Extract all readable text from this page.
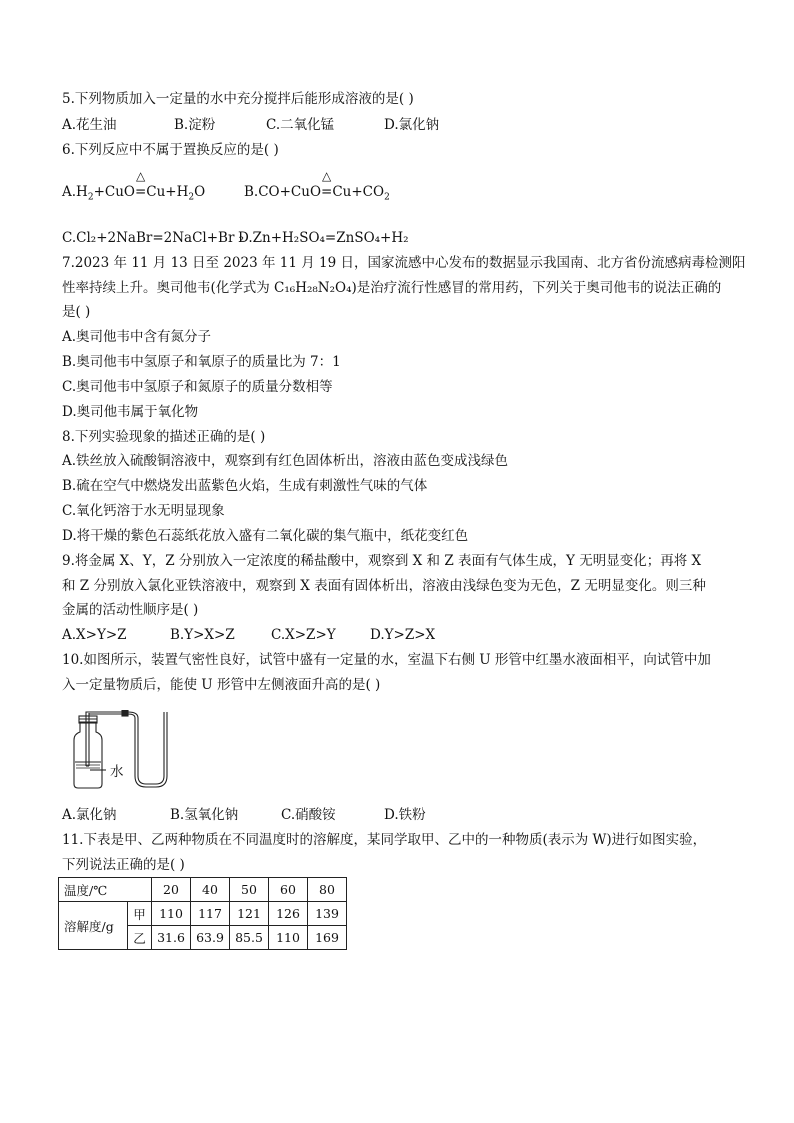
5.下列物质加入一定量的水中充分搅拌后能形成溶液的是( )
A.花生油	B.淀粉	C.二氧化锰	D.氯化钠
6.下列反应中不属于置换反应的是( )
$A.H_2+CuO$
△
$=Cu+H_2O$	B.CO+CuO
△
$=Cu+CO_2$
C.Cl₂+2NaBr=2NaCl+Br ₂
D.Zn+H₂SO₄=ZnSO₄+H₂
7.2023 年 11 月 13 日至 2023 年 11 月 19 日，国家流感中心发布的数据显示我国南、北方省份流感病毒检测阳
性率持续上升。奥司他韦(化学式为 C₁₆H₂₈N₂O₄)是治疗流行性感冒的常用药，下列关于奥司他韦的说法正确的
是( )
A.奥司他韦中含有氮分子
B.奥司他韦中氢原子和氧原子的质量比为 7：1
C.奥司他韦中氢原子和氮原子的质量分数相等
D.奥司他韦属于氧化物
8.下列实验现象的描述正确的是( )
A.铁丝放入硫酸铜溶液中，观察到有红色固体析出，溶液由蓝色变成浅绿色
B.硫在空气中燃烧发出蓝紫色火焰，生成有刺激性气味的气体
C.氧化钙溶于水无明显现象
D.将干燥的紫色石蕊纸花放入盛有二氧化碳的集气瓶中，纸花变红色
9.将金属 X、Y，Z 分别放入一定浓度的稀盐酸中，观察到 X 和 Z 表面有气体生成，Y 无明显变化；再将 X
和 Z 分别放入氯化亚铁溶液中，观察到 X 表面有固体析出，溶液由浅绿色变为无色，Z 无明显变化。则三种
金属的活动性顺序是( )
A.X>Y>Z	B.Y>X>Z	C.X>Z>Y	D.Y>Z>X
10.如图所示，装置气密性良好，试管中盛有一定量的水，室温下右侧 U 形管中红墨水液面相平，向试管中加
入一定量物质后，能使 U 形管中左侧液面升高的是( )
水
A.氯化钠	B.氢氧化钠	C.硝酸铵	D.铁粉
11.下表是甲、乙两种物质在不同温度时的溶解度，某同学取甲、乙中的一种物质(表示为 W)进行如图实验，
下列说法正确的是( )
温度/℃		20	40	50	60	80
溶解度/g	甲	110	117	121	126	139
	乙	31.6	63.9	85.5	110	169
